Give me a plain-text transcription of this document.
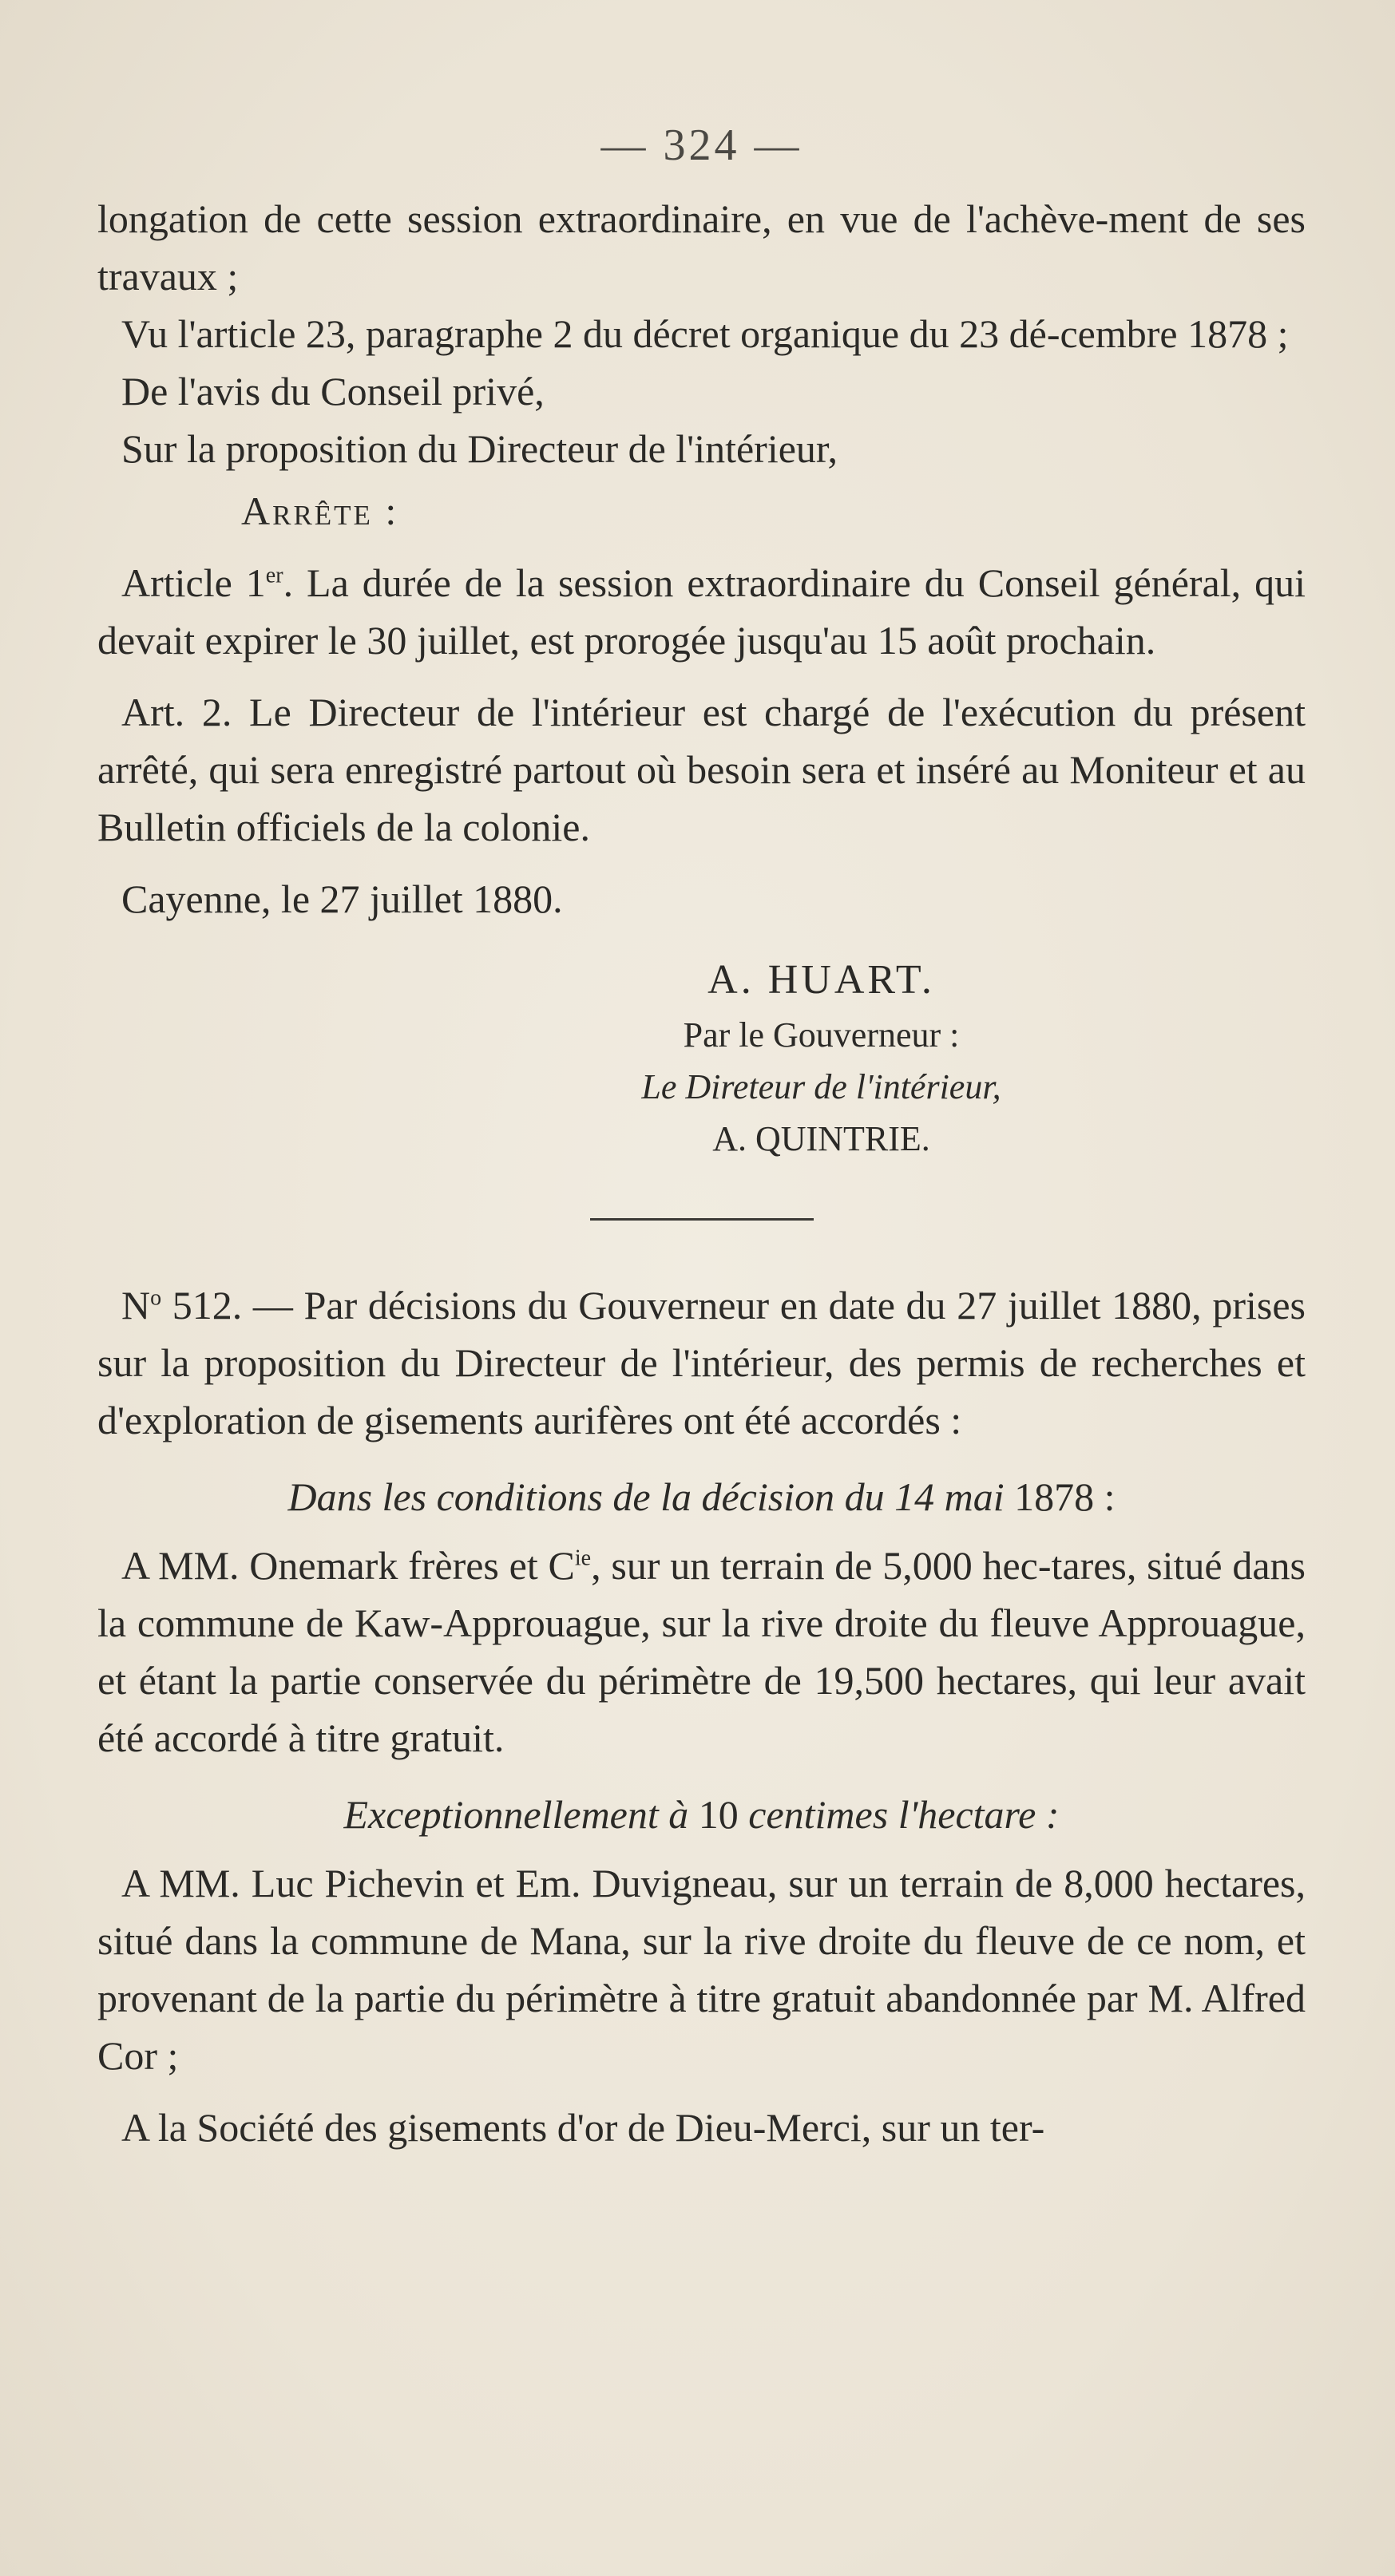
— 324 —

longation de cette session extraordinaire, en vue de l'achève-ment de ses travaux ;

Vu l'article 23, paragraphe 2 du décret organique du 23 dé-cembre 1878 ;

De l'avis du Conseil privé,

Sur la proposition du Directeur de l'intérieur,

Arrête :

Article 1er. La durée de la session extraordinaire du Conseil général, qui devait expirer le 30 juillet, est prorogée jusqu'au 15 août prochain.

Art. 2. Le Directeur de l'intérieur est chargé de l'exécution du présent arrêté, qui sera enregistré partout où besoin sera et inséré au Moniteur et au Bulletin officiels de la colonie.

Cayenne, le 27 juillet 1880.

A. HUART.

Par le Gouverneur :

Le Direteur de l'intérieur,

A. QUINTRIE.

$N^o$ 512. — Par décisions du Gouverneur en date du 27 juillet 1880, prises sur la proposition du Directeur de l'intérieur, des permis de recherches et d'exploration de gisements aurifères ont été accordés :

Dans les conditions de la décision du 14 mai 1878 :

A MM. Onemark frères et $C^{ie}$, sur un terrain de 5,000 hec-tares, situé dans la commune de Kaw-Approuague, sur la rive droite du fleuve Approuague, et étant la partie conservée du périmètre de 19,500 hectares, qui leur avait été accordé à titre gratuit.

Exceptionnellement à 10 centimes l'hectare :

A MM. Luc Pichevin et Em. Duvigneau, sur un terrain de 8,000 hectares, situé dans la commune de Mana, sur la rive droite du fleuve de ce nom, et provenant de la partie du périmètre à titre gratuit abandonnée par M. Alfred Cor ;

A la Société des gisements d'or de Dieu-Merci, sur un ter-
